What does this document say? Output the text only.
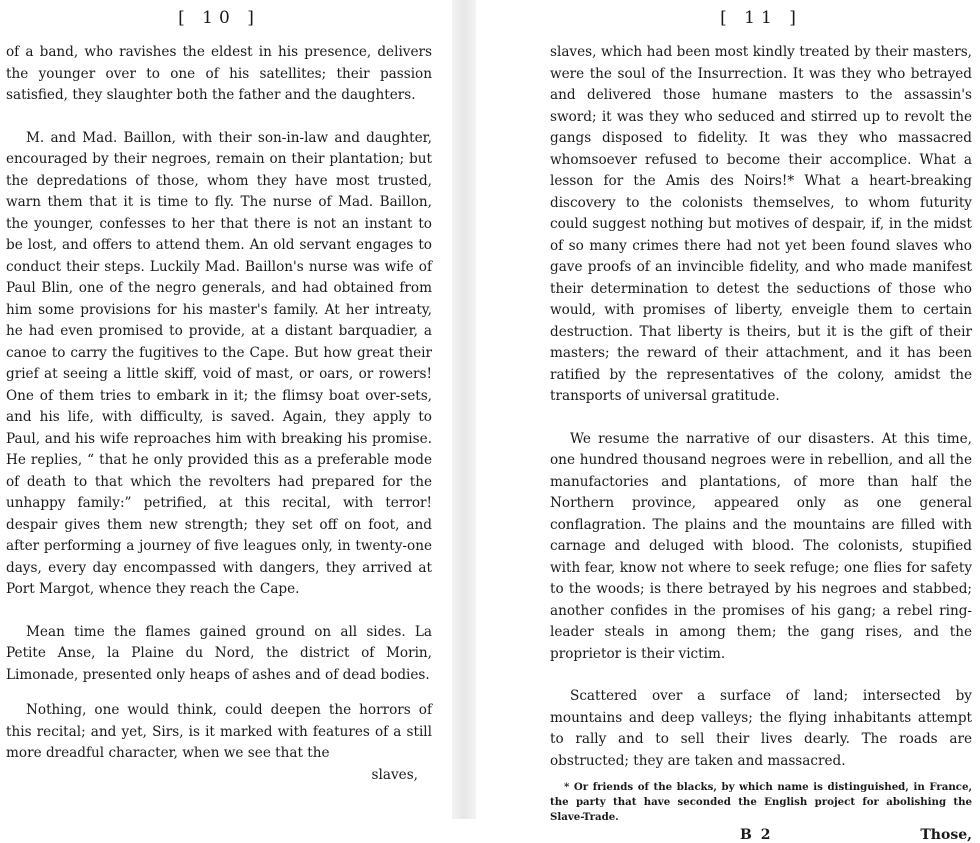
[ 10 ]

of a band, who ravishes the eldest in his presence, delivers the younger over to one of his satellites; their passion satisfied, they slaughter both the father and the daughters.

M. and Mad. Baillon, with their son-in-law and daughter, encouraged by their negroes, remain on their plantation; but the depredations of those, whom they have most trusted, warn them that it is time to fly. The nurse of Mad. Baillon, the younger, confesses to her that there is not an instant to be lost, and offers to attend them. An old servant engages to conduct their steps. Luckily Mad. Baillon's nurse was wife of Paul Blin, one of the negro generals, and had obtained from him some provisions for his master's family. At her intreaty, he had even promised to provide, at a distant barquadier, a canoe to carry the fugitives to the Cape. But how great their grief at seeing a little skiff, void of mast, or oars, or rowers! One of them tries to embark in it; the flimsy boat over-sets, and his life, with difficulty, is saved. Again, they apply to Paul, and his wife reproaches him with breaking his promise. He replies, “ that he only provided this as a preferable mode of death to that which the revolters had prepared for the unhappy family:” petrified, at this recital, with terror! despair gives them new strength; they set off on foot, and after performing a journey of five leagues only, in twenty-one days, every day encompassed with dangers, they arrived at Port Margot, whence they reach the Cape.

Mean time the flames gained ground on all sides. La Petite Anse, la Plaine du Nord, the district of Morin, Limonade, presented only heaps of ashes and of dead bodies.

Nothing, one would think, could deepen the horrors of this recital; and yet, Sirs, is it marked with features of a still more dreadful character, when we see that the

slaves,
[ 11 ]

slaves, which had been most kindly treated by their masters, were the soul of the Insurrection. It was they who betrayed and delivered those humane masters to the assassin's sword; it was they who seduced and stirred up to revolt the gangs disposed to fidelity. It was they who massacred whomsoever refused to become their accomplice. What a lesson for the Amis des Noirs!* What a heart-breaking discovery to the colonists themselves, to whom futurity could suggest nothing but motives of despair, if, in the midst of so many crimes there had not yet been found slaves who gave proofs of an invincible fidelity, and who made manifest their determination to detest the seductions of those who would, with promises of liberty, enveigle them to certain destruction. That liberty is theirs, but it is the gift of their masters; the reward of their attachment, and it has been ratified by the representatives of the colony, amidst the transports of universal gratitude.

We resume the narrative of our disasters. At this time, one hundred thousand negroes were in rebellion, and all the manufactories and plantations, of more than half the Northern province, appeared only as one general conflagration. The plains and the mountains are filled with carnage and deluged with blood. The colonists, stupified with fear, know not where to seek refuge; one flies for safety to the woods; is there betrayed by his negroes and stabbed; another confides in the promises of his gang; a rebel ring-leader steals in among them; the gang rises, and the proprietor is their victim.

Scattered over a surface of land; intersected by mountains and deep valleys; the flying inhabitants attempt to rally and to sell their lives dearly. The roads are obstructed; they are taken and massacred.

* Or friends of the blacks, by which name is distinguished, in France, the party that have seconded the English project for abolishing the Slave-Trade.
B 2	Those,
